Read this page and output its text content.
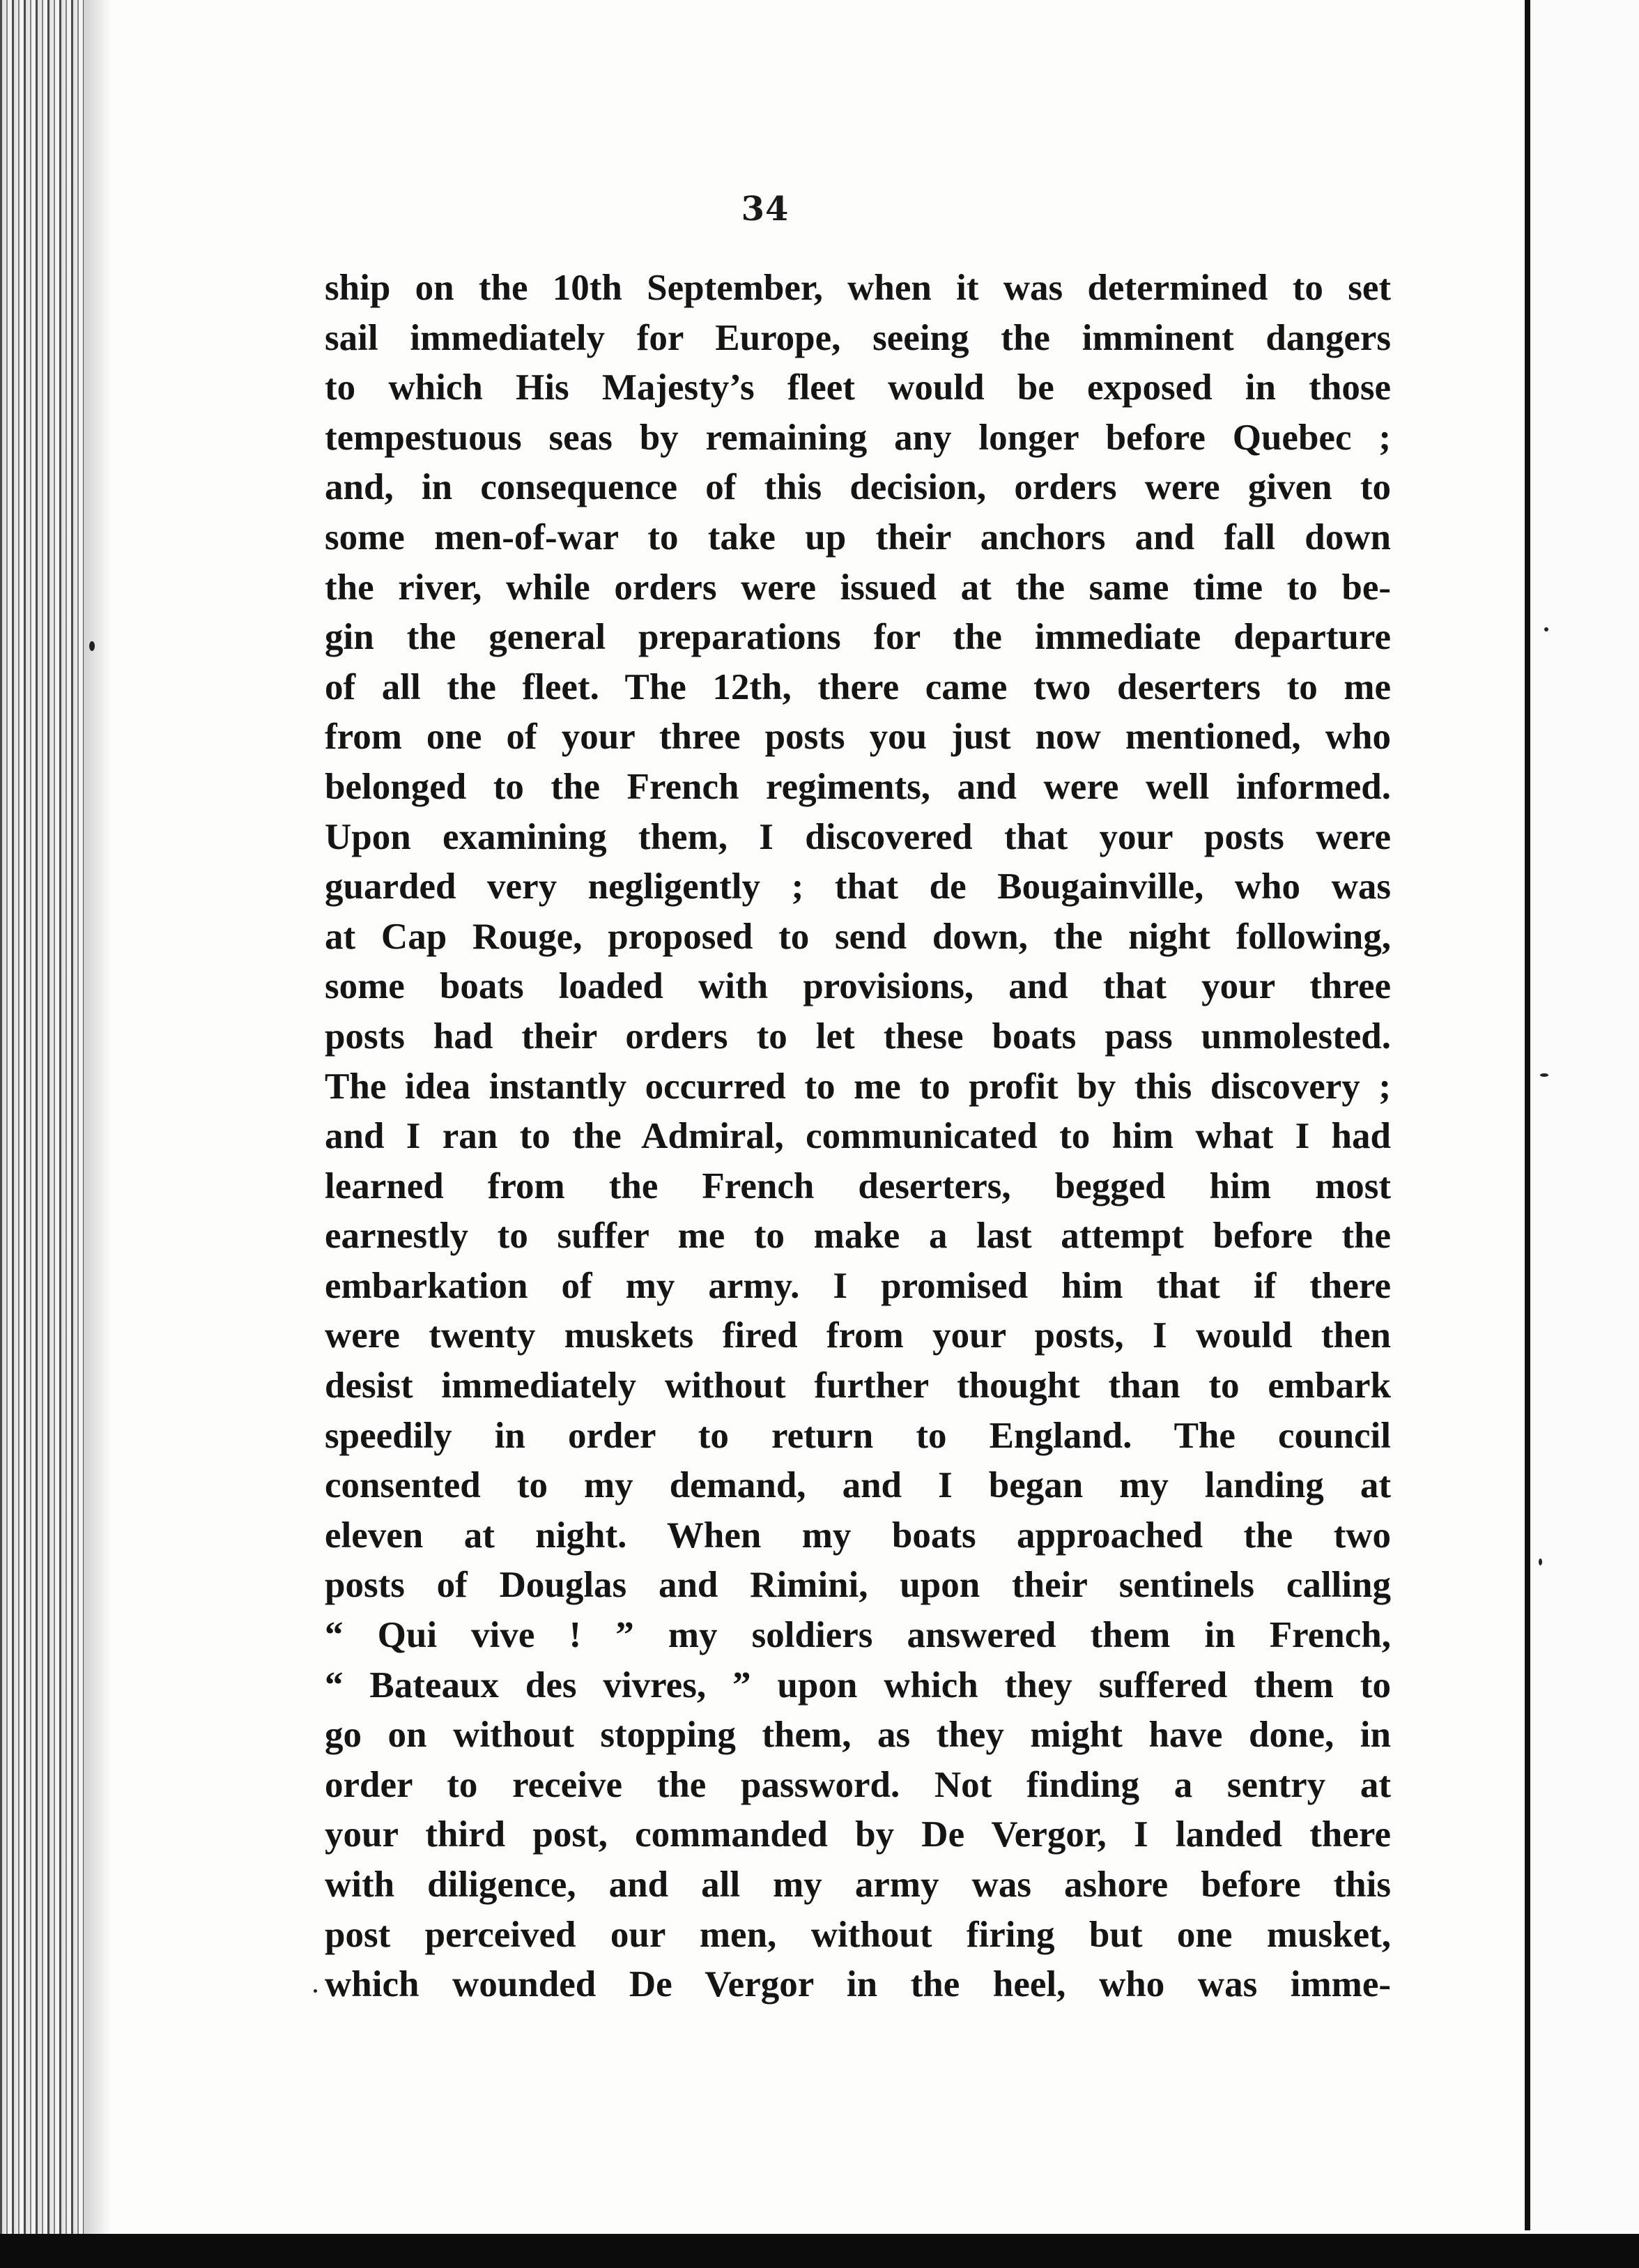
34
ship on the 10th September, when it was determined to set
sail immediately for Europe, seeing the imminent dangers
to which His Majesty’s fleet would be exposed in those
tempestuous seas by remaining any longer before Quebec ;
and, in consequence of this decision, orders were given to
some men-of-war to take up their anchors and fall down
the river, while orders were issued at the same time to be-
gin the general preparations for the immediate departure
of all the fleet. The 12th, there came two deserters to me
from one of your three posts you just now mentioned, who
belonged to the French regiments, and were well informed.
Upon examining them, I discovered that your posts were
guarded very negligently ; that de Bougainville, who was
at Cap Rouge, proposed to send down, the night following,
some boats loaded with provisions, and that your three
posts had their orders to let these boats pass unmolested.
The idea instantly occurred to me to profit by this discovery ;
and I ran to the Admiral, communicated to him what I had
learned from the French deserters, begged him most
earnestly to suffer me to make a last attempt before the
embarkation of my army. I promised him that if there
were twenty muskets fired from your posts, I would then
desist immediately without further thought than to embark
speedily in order to return to England. The council
consented to my demand, and I began my landing at
eleven at night. When my boats approached the two
posts of Douglas and Rimini, upon their sentinels calling
“ Qui vive ! ” my soldiers answered them in French,
“ Bateaux des vivres, ” upon which they suffered them to
go on without stopping them, as they might have done, in
order to receive the password. Not finding a sentry at
your third post, commanded by De Vergor, I landed there
with diligence, and all my army was ashore before this
post perceived our men, without firing but one musket,
which wounded De Vergor in the heel, who was imme-
